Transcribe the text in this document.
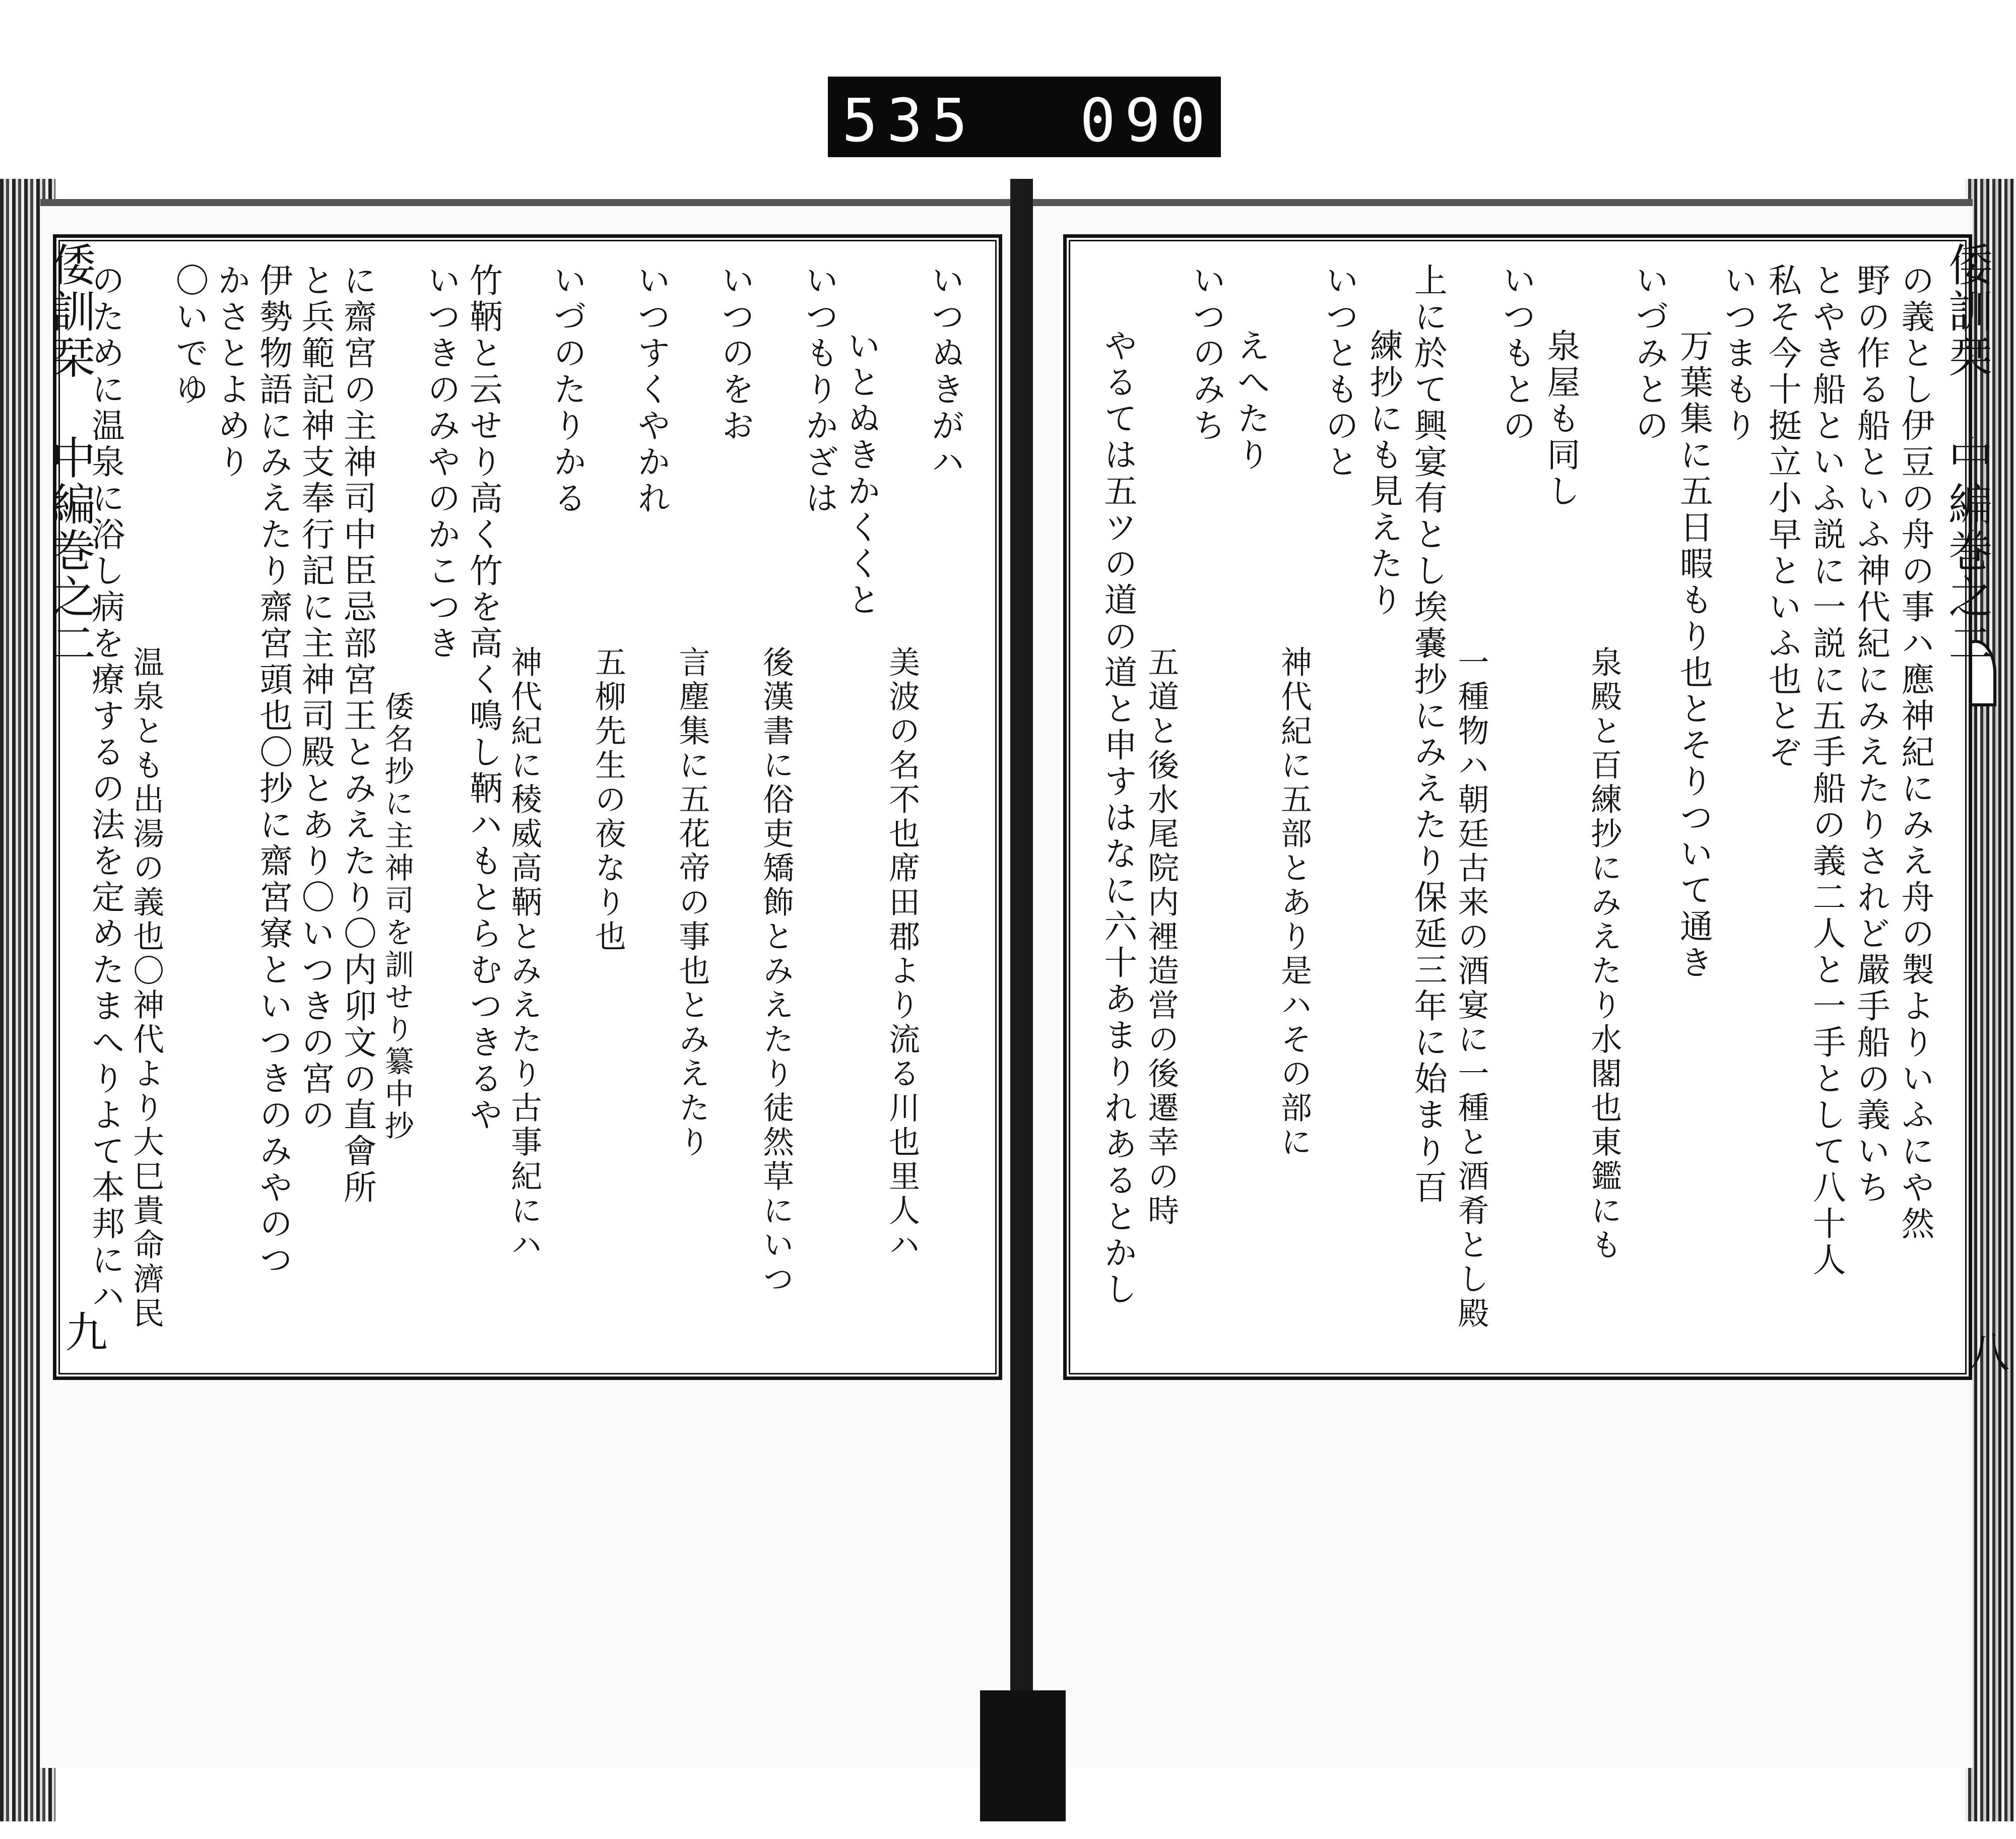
535 090.
いつぬきがハ
美波の名不也席田郡より流る川也里人ハ
いとぬきかくくと
いつもりかざは
後漢書に俗吏矯飾とみえたり徒然草にいつ
いつのをお
言塵集に五花帝の事也とみえたり
いつすくやかれ
五柳先生の夜なり也
いづのたりかる
神代紀に稜威高鞆とみえたり古事紀にハ
竹鞆と云せり高く竹を高く鳴し鞆ハもとらむつきるや
いつきのみやのかこつき
倭名抄に主神司を訓せり纂中抄
に齋宮の主神司中臣忌部宮王とみえたり〇内卯文の直會所
と兵範記神支奉行記に主神司殿とあり〇いつきの宮の
伊勢物語にみえたり齋宮頭也〇抄に齋宮寮といつきのみやのつ
かさとよめり
〇いでゆ
温泉とも出湯の義也〇神代より大巳貴命濟民
のために温泉に浴し病を療するの法を定めたまへりよて本邦にハ	の義とし伊豆の舟の事ハ應神紀にみえ舟の製よりいふにや然
野の作る船といふ神代紀にみえたりされど嚴手船の義いち
とやき船といふ説に一説に五手船の義二人と一手として八十人
私そ今十挺立小早といふ也とぞ
いつまもり
万葉集に五日暇もり也とそりついて通き
いづみとの
泉殿と百練抄にみえたり水閣也東鑑にも
泉屋も同し
いつもとの
一種物ハ朝廷古来の酒宴に一種と酒肴とし殿
上に於て興宴有とし埃嚢抄にみえたり保延三年に始まり百
練抄にも見えたり
いつとものと
神代紀に五部とあり是ハその部に
えへたり
いつのみち
五道と後水尾院内裡造営の後遷幸の時
やるては五ツの道の道と申すはなに六十あまりれあるとかし
倭訓栞 中編巻之二	倭訓栞 中編巻之二
九	八
